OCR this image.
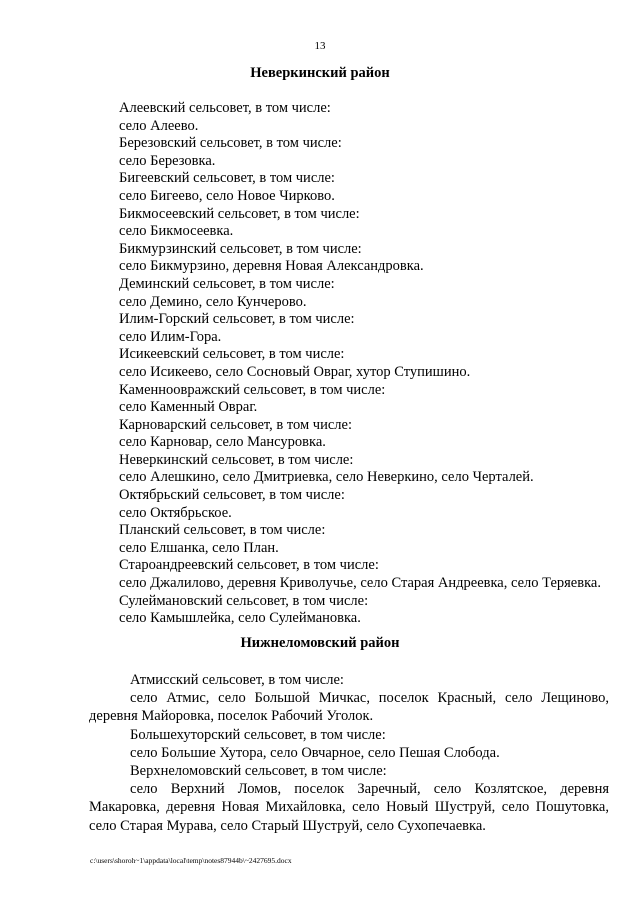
13
Неверкинский район
Алеевский сельсовет, в том числе:
село Алеево.
Березовский сельсовет, в том числе:
село Березовка.
Бигеевский сельсовет, в том числе:
село Бигеево, село Новое Чирково.
Бикмосеевский сельсовет, в том числе:
село Бикмосеевка.
Бикмурзинский сельсовет, в том числе:
село Бикмурзино, деревня Новая Александровка.
Деминский сельсовет, в том числе:
село Демино, село Кунчерово.
Илим-Горский сельсовет, в том числе:
село Илим-Гора.
Исикеевский сельсовет, в том числе:
село Исикеево, село Сосновый Овраг, хутор Ступишино.
Каменноовражский сельсовет, в том числе:
село Каменный Овраг.
Карноварский сельсовет, в том числе:
село Карновар, село Мансуровка.
Неверкинский сельсовет, в том числе:
село Алешкино, село Дмитриевка, село Неверкино, село Черталей.
Октябрьский сельсовет, в том числе:
село Октябрьское.
Планский сельсовет, в том числе:
село Елшанка, село План.
Староандреевский сельсовет, в том числе:
село Джалилово, деревня Криволучье, село Старая Андреевка, село Теряевка.
Сулеймановский сельсовет, в том числе:
село Камышлейка, село Сулеймановка.
Нижнеломовский район
Атмисский сельсовет, в том числе:
село Атмис, село Большой Мичкас, поселок Красный, село Лещиново, деревня Майоровка, поселок Рабочий Уголок.
Большехуторский сельсовет, в том числе:
село Большие Хутора, село Овчарное, село Пешая Слобода.
Верхнеломовский сельсовет, в том числе:
село Верхний Ломов, поселок Заречный, село Козлятское, деревня Макаровка, деревня Новая Михайловка, село Новый Шуструй, село Пошутовка, село Старая Мурава, село Старый Шуструй, село Сухопечаевка.
c:\users\shoroh~1\appdata\local\temp\notes87944b\~2427695.docx
